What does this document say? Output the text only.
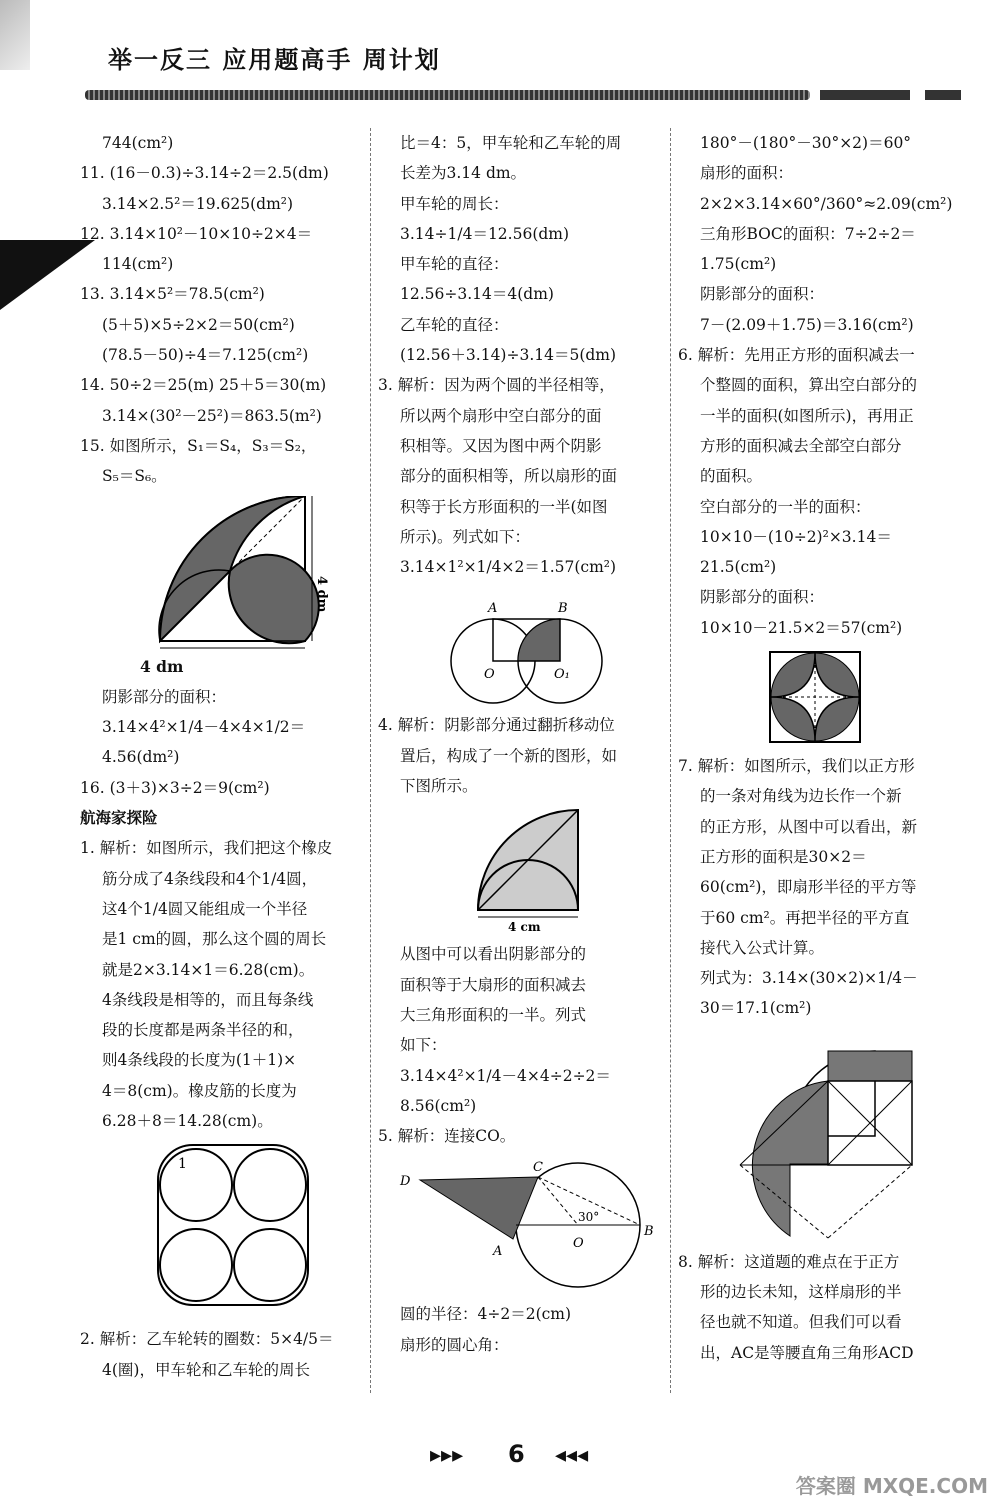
举一反三 应用题高手 周计划
744(cm²)
11. (16－0.3)÷3.14÷2＝2.5(dm)
3.14×2.5²＝19.625(dm²)
12. 3.14×10²－10×10÷2×4＝
114(cm²)
13. 3.14×5²＝78.5(cm²)
(5＋5)×5÷2×2＝50(cm²)
(78.5－50)÷4＝7.125(cm²)
14. 50÷2＝25(m) 25＋5＝30(m)
3.14×(30²－25²)＝863.5(m²)
15. 如图所示，S₁＝S₄，S₃＝S₂，
S₅＝S₆。
4 dm
4 dm
阴影部分的面积：
3.14×4²×1/4－4×4×1/2＝
4.56(dm²)
16. (3＋3)×3÷2＝9(cm²)
航海家探险
1. 解析：如图所示，我们把这个橡皮
筋分成了4条线段和4个1/4圆，
这4个1/4圆又能组成一个半径
是1 cm的圆，那么这个圆的周长
就是2×3.14×1＝6.28(cm)。
4条线段是相等的，而且每条线
段的长度都是两条半径的和，
则4条线段的长度为(1＋1)×
4＝8(cm)。橡皮筋的长度为
6.28＋8＝14.28(cm)。
1
2. 解析：乙车轮转的圈数：5×4/5＝
4(圈)，甲车轮和乙车轮的周长
比＝4：5，甲车轮和乙车轮的周
长差为3.14 dm。
甲车轮的周长：
3.14÷1/4＝12.56(dm)
甲车轮的直径：
12.56÷3.14＝4(dm)
乙车轮的直径：
(12.56＋3.14)÷3.14＝5(dm)
3. 解析：因为两个圆的半径相等，
所以两个扇形中空白部分的面
积相等。又因为图中两个阴影
部分的面积相等，所以扇形的面
积等于长方形面积的一半(如图
所示)。列式如下：
3.14×1²×1/4×2＝1.57(cm²)
A	B
O	O₁
4. 解析：阴影部分通过翻折移动位
置后，构成了一个新的图形，如
下图所示。
4 cm
从图中可以看出阴影部分的
面积等于大扇形的面积减去
大三角形面积的一半。列式
如下：
3.14×4²×1/4－4×4÷2÷2＝
8.56(cm²)
5. 解析：连接CO。
D
C
A
O
B
30°
圆的半径：4÷2＝2(cm)
扇形的圆心角：
180°－(180°－30°×2)＝60°
扇形的面积：
2×2×3.14×60°/360°≈2.09(cm²)
三角形BOC的面积：7÷2÷2＝
1.75(cm²)
阴影部分的面积：
7－(2.09＋1.75)＝3.16(cm²)
6. 解析：先用正方形的面积减去一
个整圆的面积，算出空白部分的
一半的面积(如图所示)，再用正
方形的面积减去全部空白部分
的面积。
空白部分的一半的面积：
10×10－(10÷2)²×3.14＝
21.5(cm²)
阴影部分的面积：
10×10－21.5×2＝57(cm²)
7. 解析：如图所示，我们以正方形
的一条对角线为边长作一个新
的正方形，从图中可以看出，新
正方形的面积是30×2＝
60(cm²)，即扇形半径的平方等
于60 cm²。再把半径的平方直
接代入公式计算。
列式为：3.14×(30×2)×1/4－
30＝17.1(cm²)
8. 解析：这道题的难点在于正方
形的边长未知，这样扇形的半
径也就不知道。但我们可以看
出，AC是等腰直角三角形ACD
▸▸▸ 6 ◂◂◂
答案圈 MXQE.COM
